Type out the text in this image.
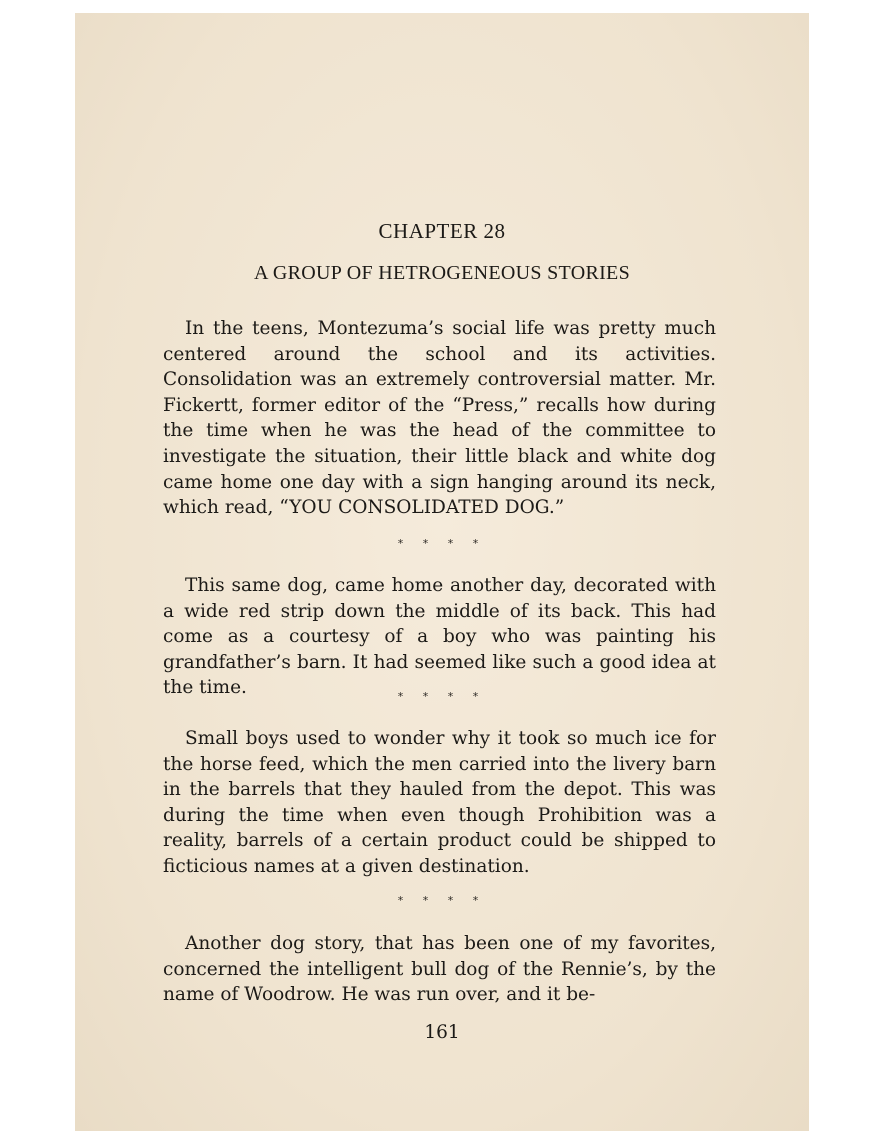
CHAPTER 28
A GROUP OF HETROGENEOUS STORIES

In the teens, Montezuma’s social life was pretty much centered around the school and its activities. Consolidation was an extremely controversial matter. Mr. Fickertt, former editor of the “Press,” recalls how during the time when he was the head of the committee to investigate the situation, their little black and white dog came home one day with a sign hanging around its neck, which read, “YOU CONSOLIDATED DOG.”

* * * *

This same dog, came home another day, decorated with a wide red strip down the middle of its back. This had come as a courtesy of a boy who was painting his grandfather’s barn. It had seemed like such a good idea at the time.	* * * *

Small boys used to wonder why it took so much ice for the horse feed, which the men carried into the livery barn in the barrels that they hauled from the depot. This was during the time when even though Prohibition was a reality, barrels of a certain product could be shipped to ficticious names at a given destination.

* * * *

Another dog story, that has been one of my favorites, concerned the intelligent bull dog of the Rennie’s, by the name of Woodrow. He was run over, and it be-

161
